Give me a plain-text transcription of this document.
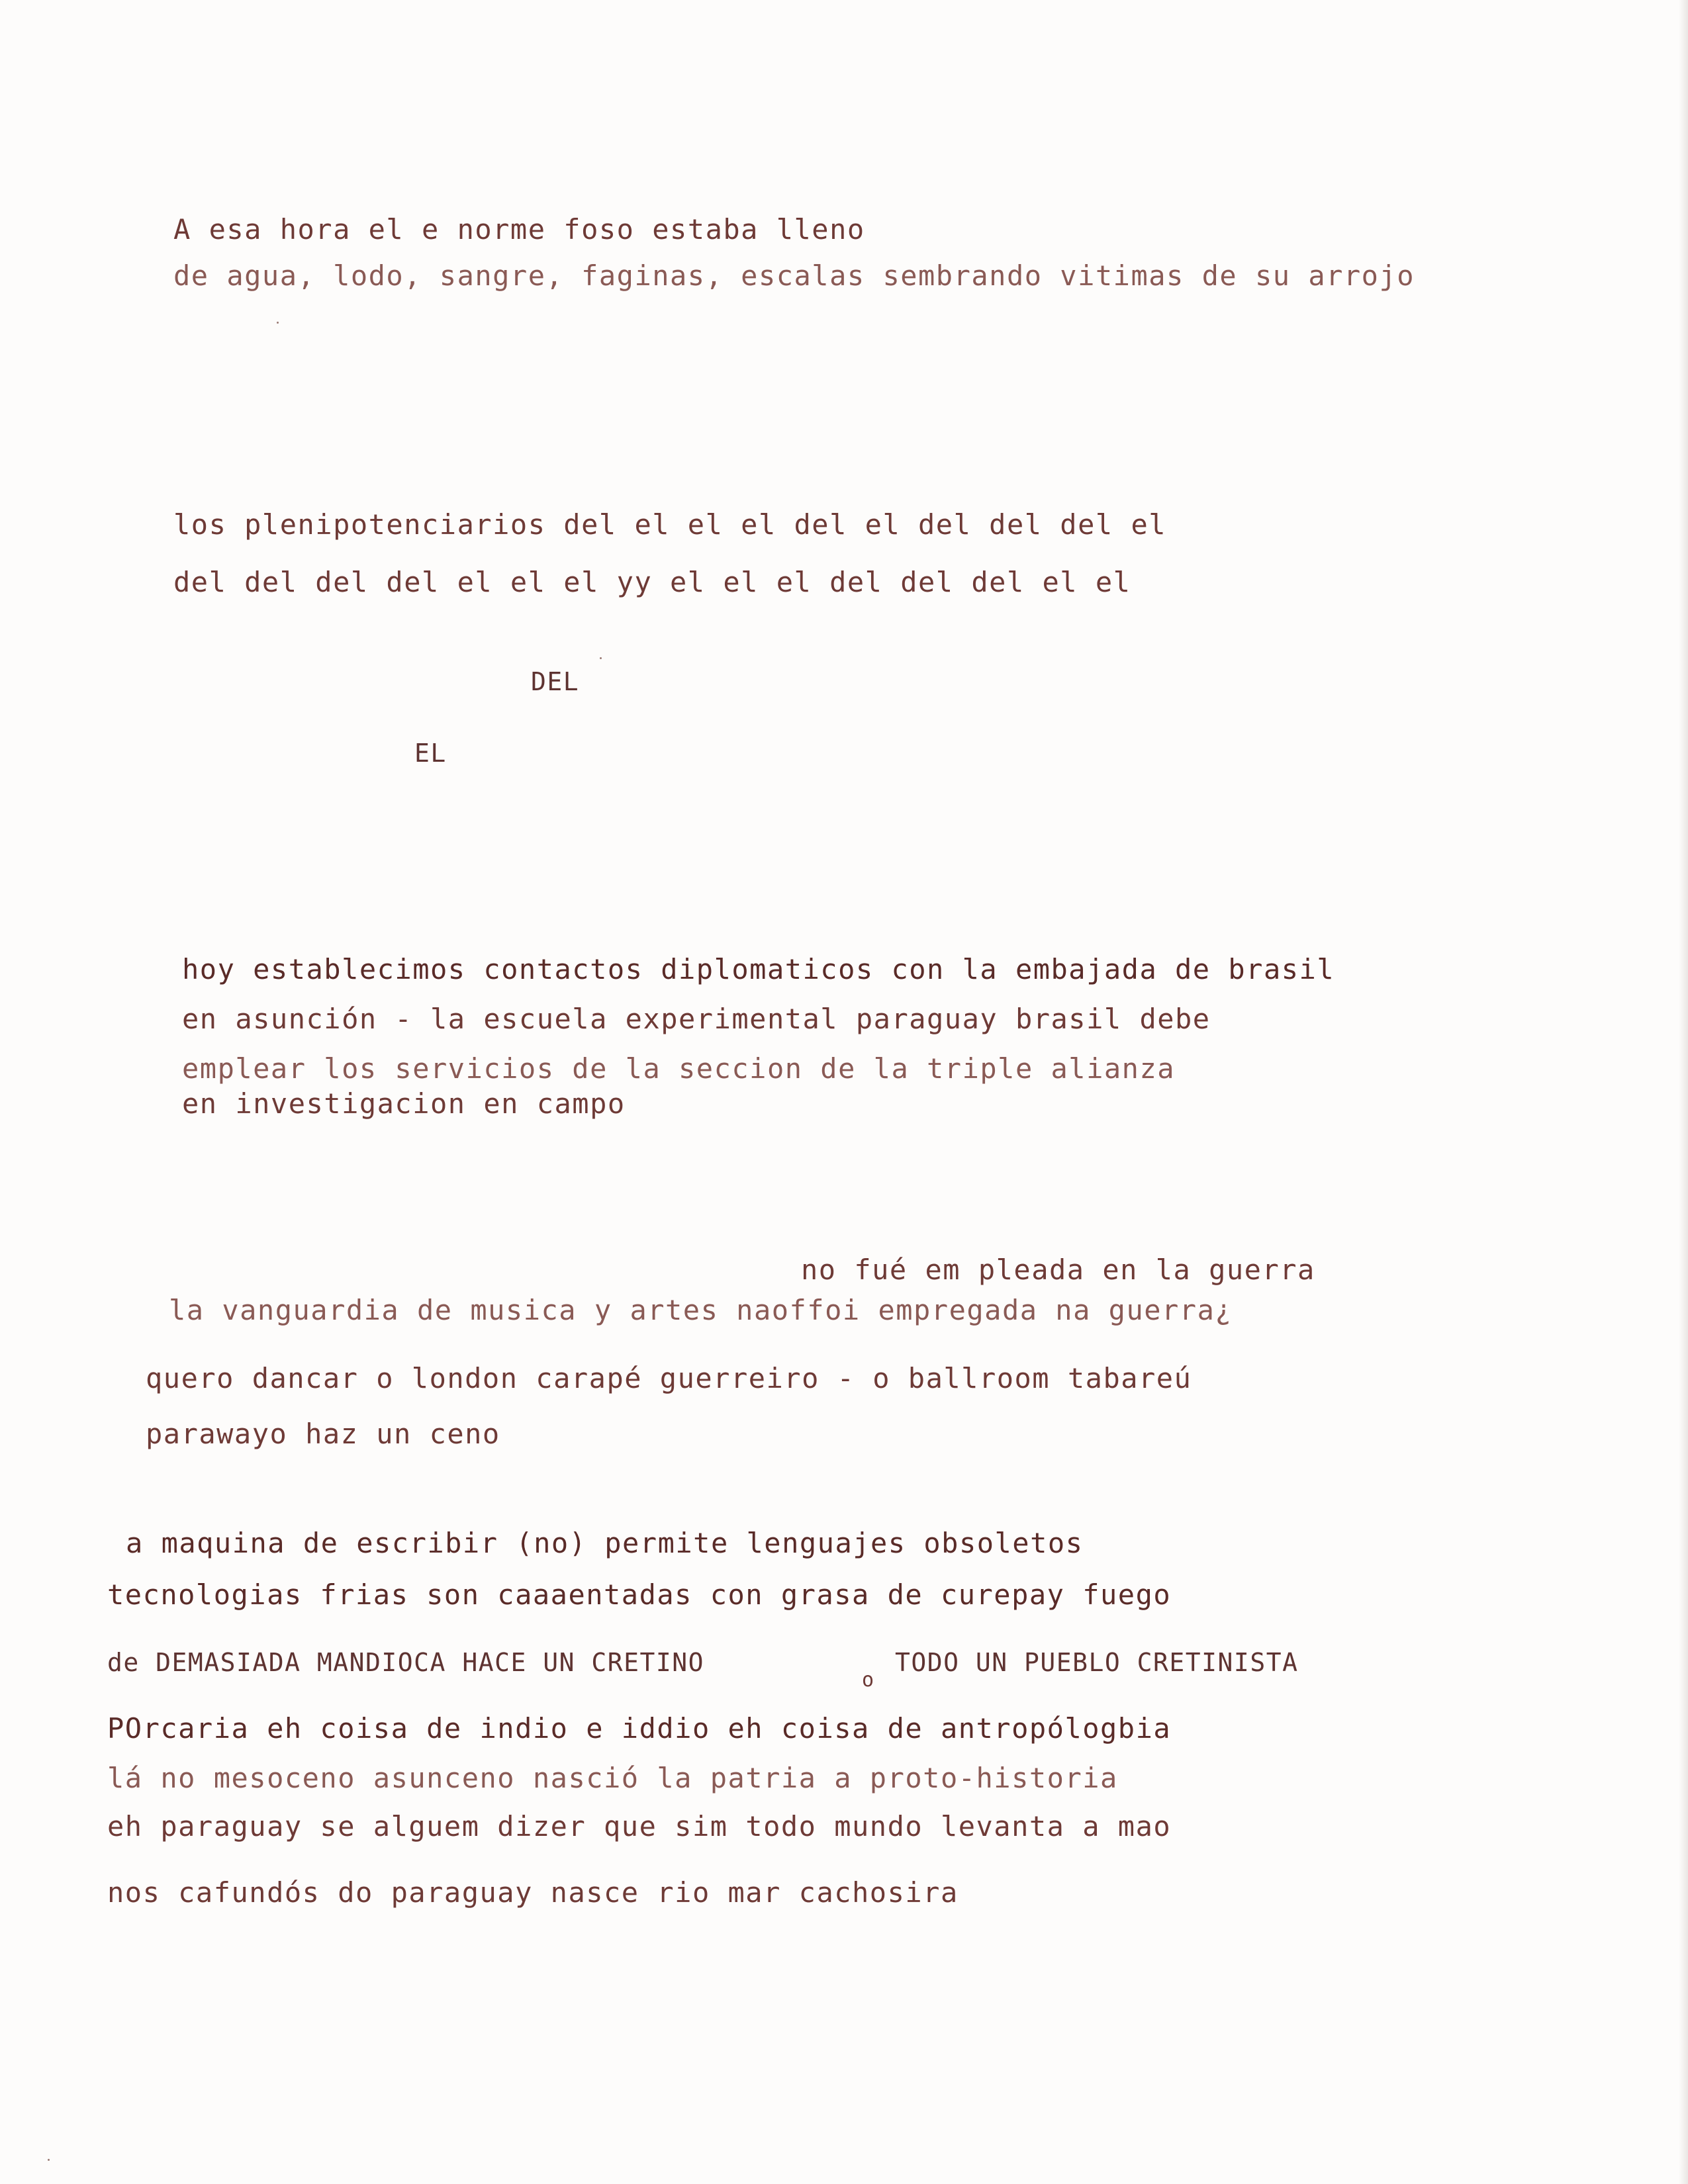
A esa hora el e norme foso estaba lleno

de agua, lodo, sangre, faginas, escalas sembrando vitimas de su arrojo

los plenipotenciarios del el el el del el del del del el

del del del del el el el yy el el el del del del el el

DEL

EL

hoy establecimos contactos diplomaticos con la embajada de brasil

en asunción - la escuela experimental paraguay brasil debe

emplear los servicios de la seccion de la triple alianza

en investigacion en campo

no fué em pleada en la guerra

la vanguardia de musica y artes naoffoi empregada na guerra¿

quero dancar o london carapé guerreiro - o ballroom tabareú

parawayo haz un ceno

a maquina de escribir (no) permite lenguajes obsoletos

tecnologias frias son caaaentadas con grasa de curepay fuego

de DEMASIADA MANDIOCA HACE UN CRETINO

o

TODO UN PUEBLO CRETINISTA

POrcaria eh coisa de indio e iddio eh coisa de antropólogbia

lá no mesoceno asunceno nasció la patria a proto-historia

eh paraguay se alguem dizer que sim todo mundo levanta a mao

nos cafundós do paraguay nasce rio mar cachosira
